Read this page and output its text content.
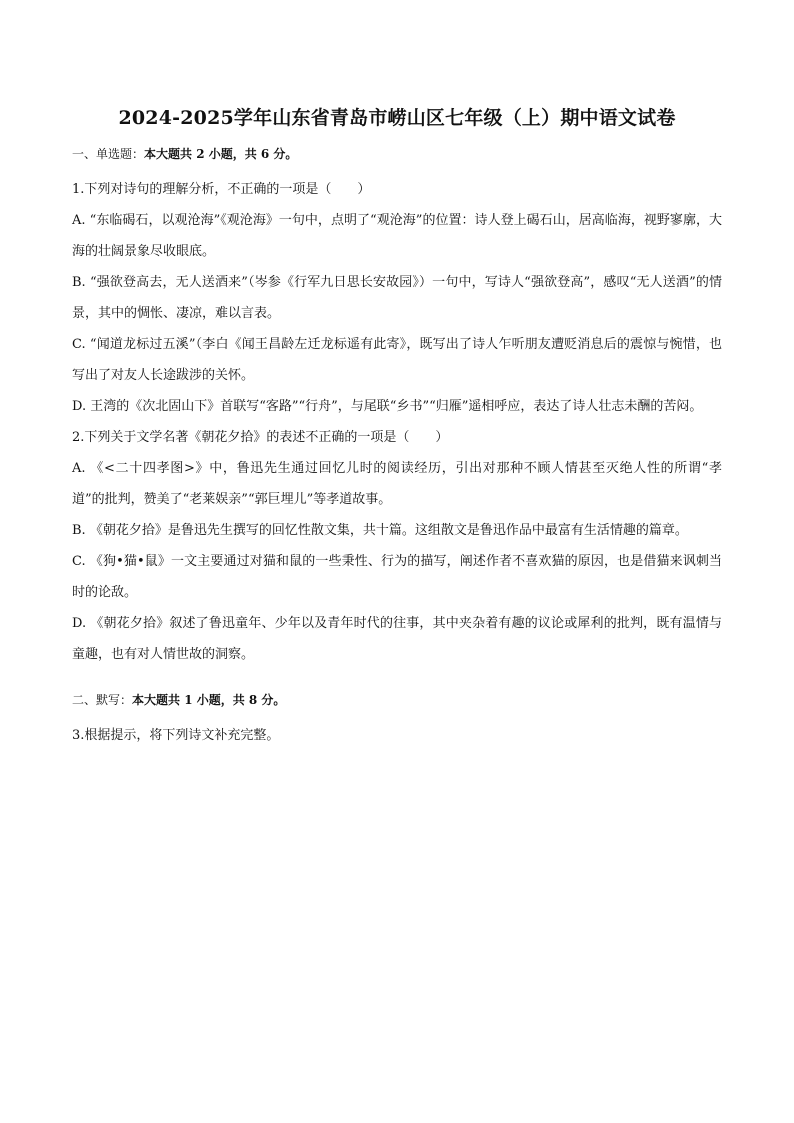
2024-2025学年山东省青岛市崂山区七年级（上）期中语文试卷
一、单选题：本大题共 2 小题，共 6 分。

1.下列对诗句的理解分析，不正确的一项是（　　）

A. “东临碣石，以观沧海”《观沧海》一句中，点明了“观沧海”的位置：诗人登上碣石山，居高临海，视野寥廓，大海的壮阔景象尽收眼底。

B. “强欲登高去，无人送酒来”（岑参《行军九日思长安故园》）一句中，写诗人“强欲登高”，感叹“无人送酒”的情景，其中的惆怅、凄凉，难以言表。

C. “闻道龙标过五溪”（李白《闻王昌龄左迁龙标遥有此寄》，既写出了诗人乍听朋友遭贬消息后的震惊与惋惜，也写出了对友人长途跋涉的关怀。

D. 王湾的《次北固山下》首联写“客路”“行舟”，与尾联“乡书”“归雁”遥相呼应，表达了诗人壮志未酬的苦闷。

2.下列关于文学名著《朝花夕拾》的表述不正确的一项是（　　）

A. 《<二十四孝图>》中，鲁迅先生通过回忆儿时的阅读经历，引出对那种不顾人情甚至灭绝人性的所谓“孝道”的批判，赞美了“老莱娱亲”“郭巨埋儿”等孝道故事。

B. 《朝花夕拾》是鲁迅先生撰写的回忆性散文集，共十篇。这组散文是鲁迅作品中最富有生活情趣的篇章。

C. 《狗•猫•鼠》一文主要通过对猫和鼠的一些秉性、行为的描写，阐述作者不喜欢猫的原因，也是借猫来讽刺当时的论敌。

D. 《朝花夕拾》叙述了鲁迅童年、少年以及青年时代的往事，其中夹杂着有趣的议论或犀利的批判，既有温情与童趣，也有对人情世故的洞察。

二、默写：本大题共 1 小题，共 8 分。

3.根据提示，将下列诗文补充完整。
